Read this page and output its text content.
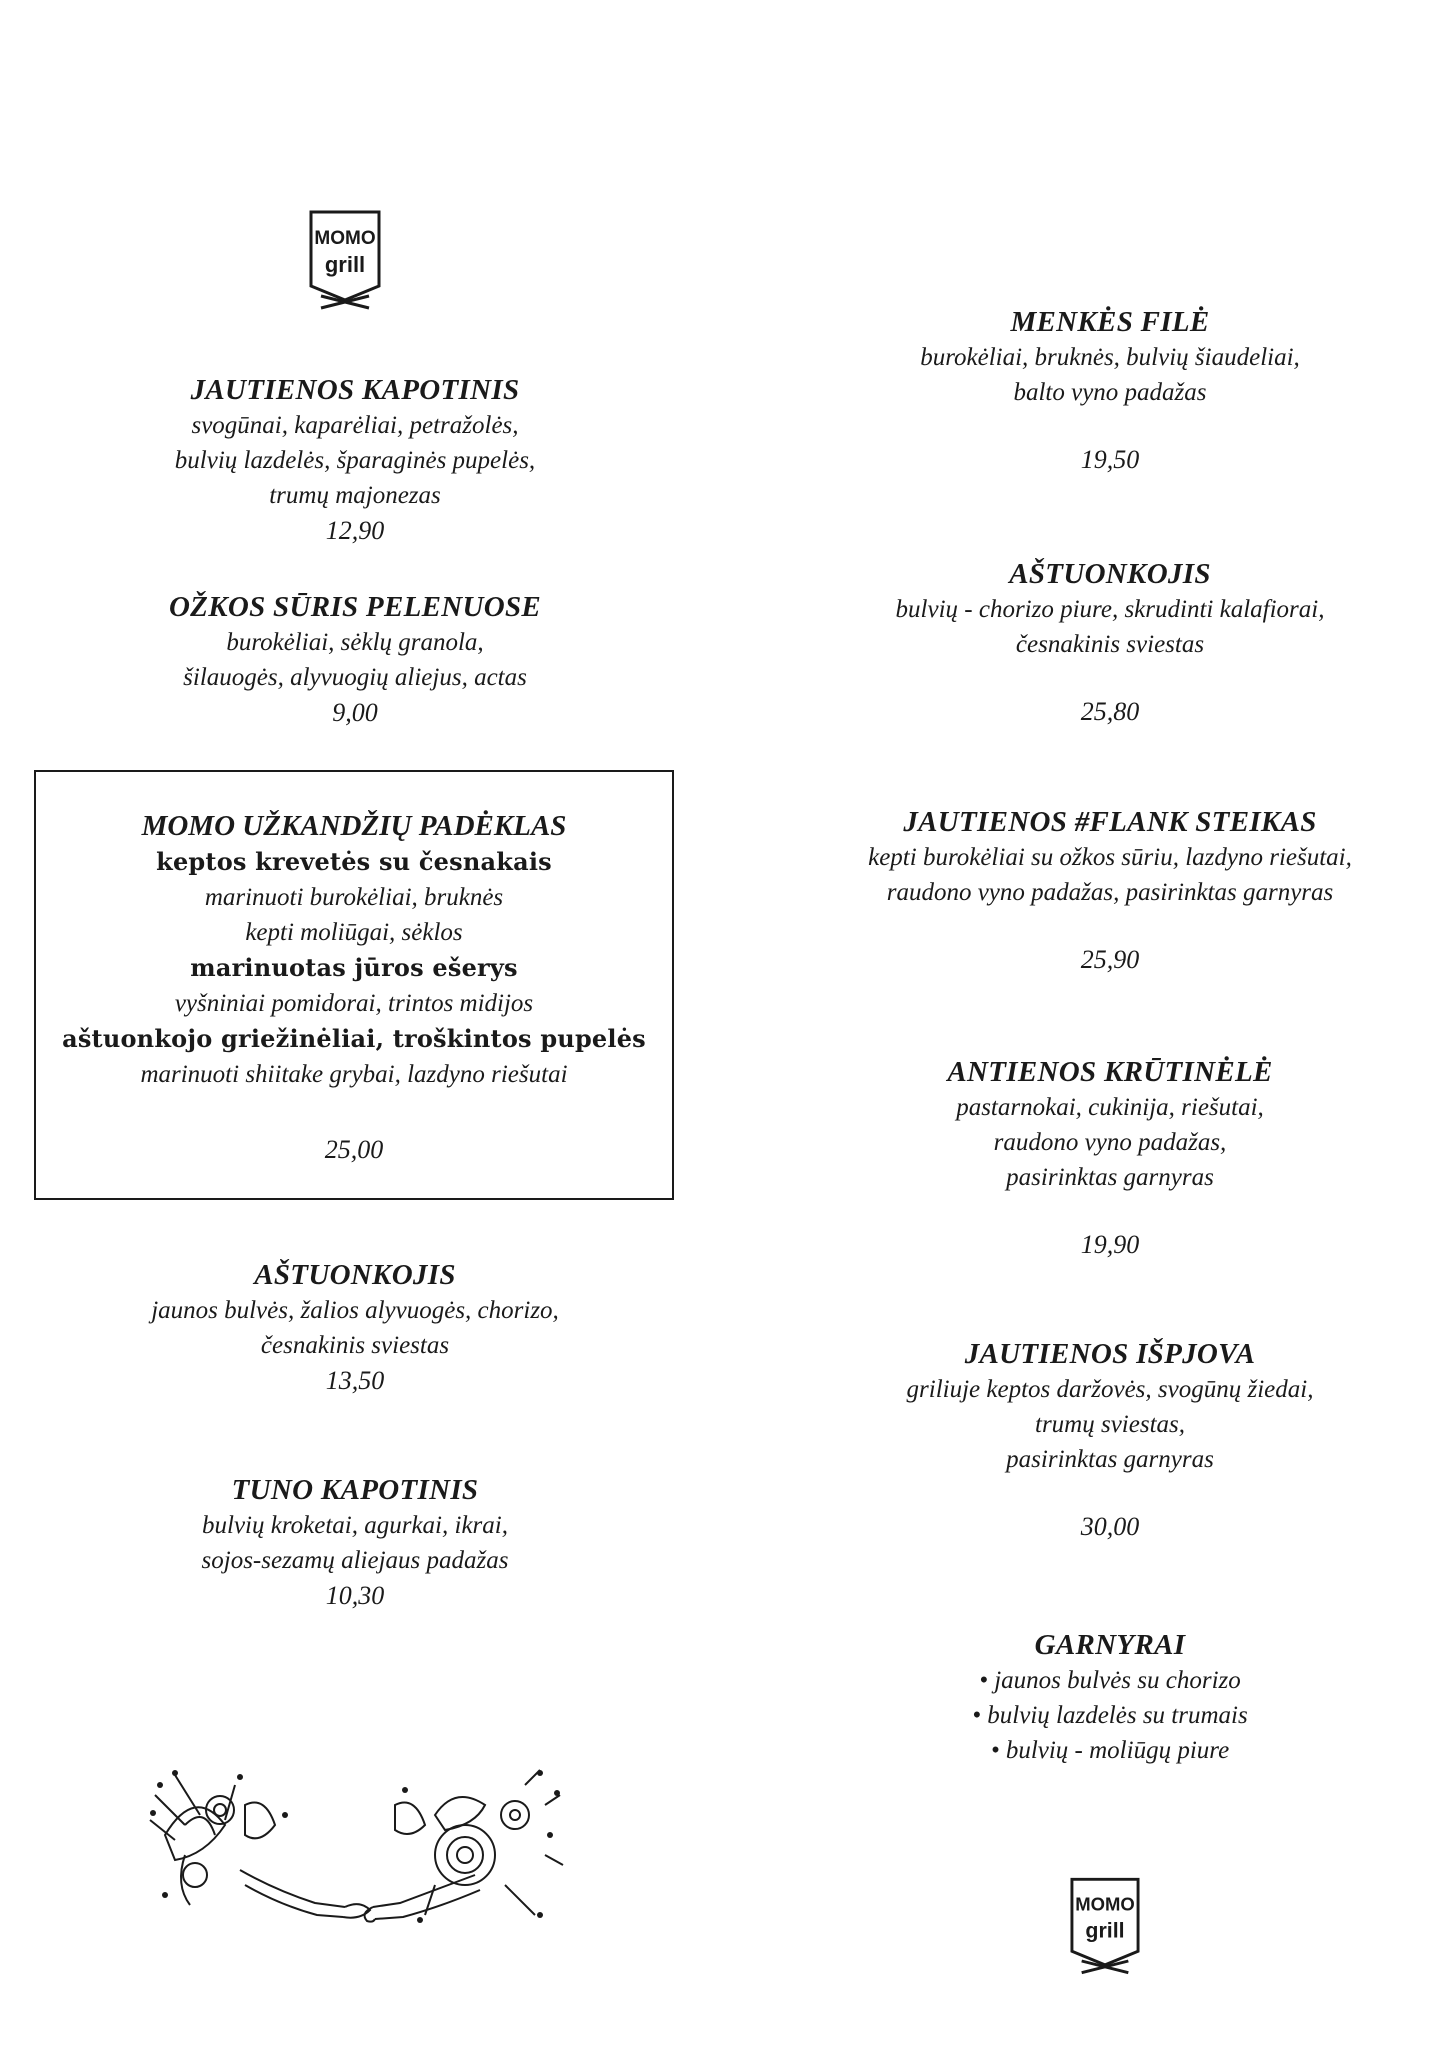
MOMO
grill
JAUTIENOS KAPOTINIS
svogūnai, kaparėliai, petražolės,
bulvių lazdelės, šparaginės pupelės,
trumų majonezas
12,90
OŽKOS SŪRIS PELENUOSE
burokėliai, sėklų granola,
šilauogės, alyvuogių aliejus, actas
9,00
AŠTUONKOJIS
jaunos bulvės, žalios alyvuogės, chorizo,
česnakinis sviestas
13,50
TUNO KAPOTINIS
bulvių kroketai, agurkai, ikrai,
sojos-sezamų aliejaus padažas
10,30
MOMO UŽKANDŽIŲ PADĖKLAS
keptos krevetės su česnakais
marinuoti burokėliai, bruknės
kepti moliūgai, sėklos
marinuotas jūros ešerys
vyšniniai pomidorai, trintos midijos
aštuonkojo griežinėliai, troškintos pupelės
marinuoti shiitake grybai, lazdyno riešutai
25,00
MENKĖS FILĖ
burokėliai, bruknės, bulvių šiaudeliai,
balto vyno padažas
19,50
AŠTUONKOJIS
bulvių - chorizo piure, skrudinti kalafiorai,
česnakinis sviestas
25,80
JAUTIENOS #FLANK STEIKAS
kepti burokėliai su ožkos sūriu, lazdyno riešutai,
raudono vyno padažas, pasirinktas garnyras
25,90
ANTIENOS KRŪTINĖLĖ
pastarnokai, cukinija, riešutai,
raudono vyno padažas,
pasirinktas garnyras
19,90
JAUTIENOS IŠPJOVA
griliuje keptos daržovės, svogūnų žiedai,
trumų sviestas,
pasirinktas garnyras
30,00
GARNYRAI
• jaunos bulvės su chorizo
• bulvių lazdelės su trumais
• bulvių - moliūgų piure
MOMO
grill
